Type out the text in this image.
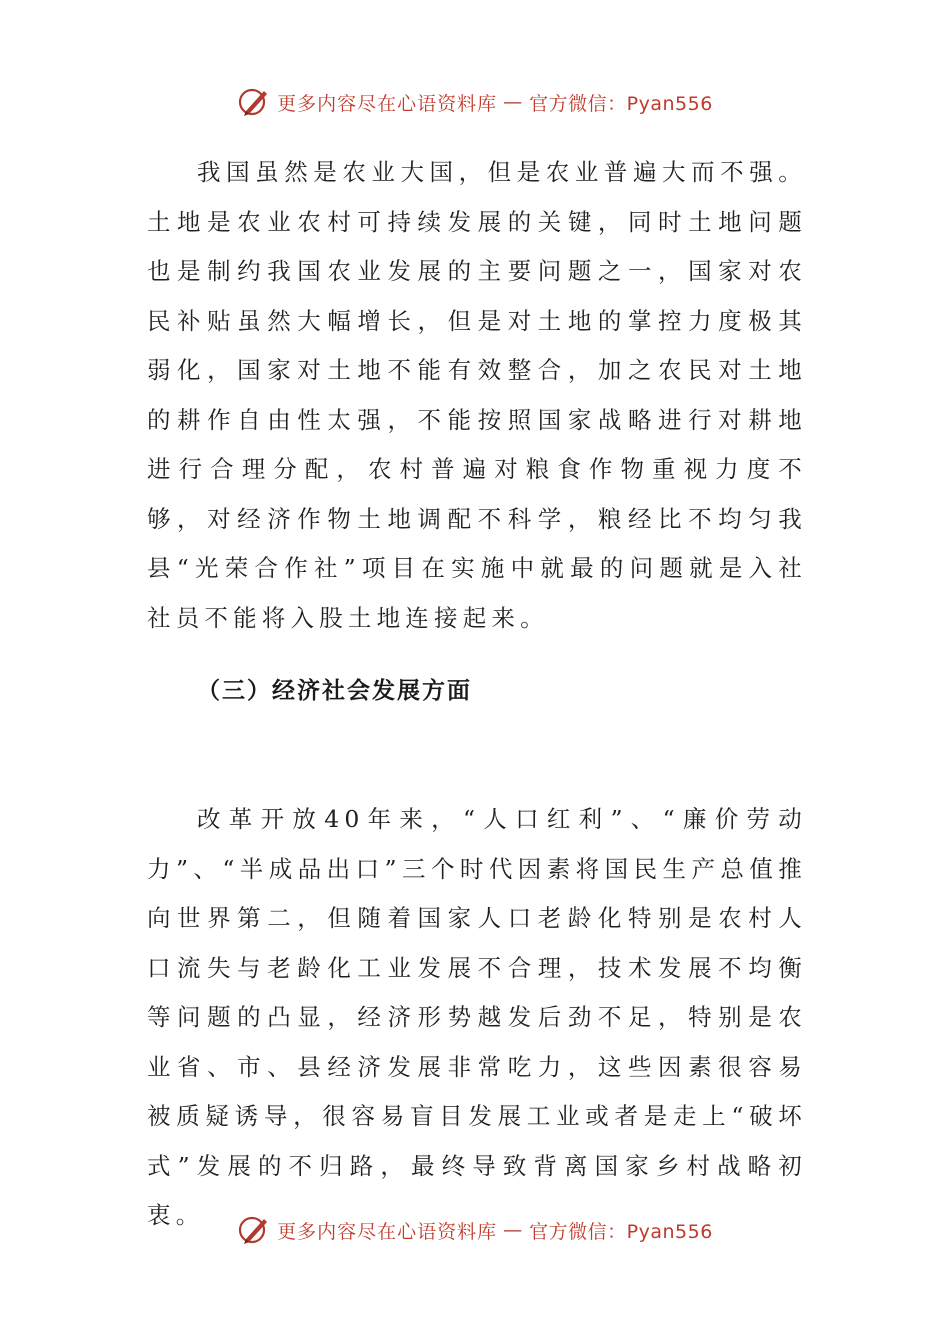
更多内容尽在心语资料库 — 官方微信：Pyan556

我国虽然是农业大国，但是农业普遍大而不强。土地是农业农村可持续发展的关键，同时土地问题也是制约我国农业发展的主要问题之一，国家对农民补贴虽然大幅增长，但是对土地的掌控力度极其弱化，国家对土地不能有效整合，加之农民对土地的耕作自由性太强，不能按照国家战略进行对耕地进行合理分配，农村普遍对粮食作物重视力度不够，对经济作物土地调配不科学，粮经比不均匀我县“光荣合作社”项目在实施中就最的问题就是入社社员不能将入股土地连接起来。

（三）经济社会发展方面

改革开放40年来，“人口红利”、“廉价劳动力”、“半成品出口”三个时代因素将国民生产总值推向世界第二，但随着国家人口老龄化特别是农村人口流失与老龄化工业发展不合理，技术发展不均衡等问题的凸显，经济形势越发后劲不足，特别是农业省、市、县经济发展非常吃力，这些因素很容易被质疑诱导，很容易盲目发展工业或者是走上“破坏式”发展的不归路，最终导致背离国家乡村战略初衷。

更多内容尽在心语资料库 — 官方微信：Pyan556
